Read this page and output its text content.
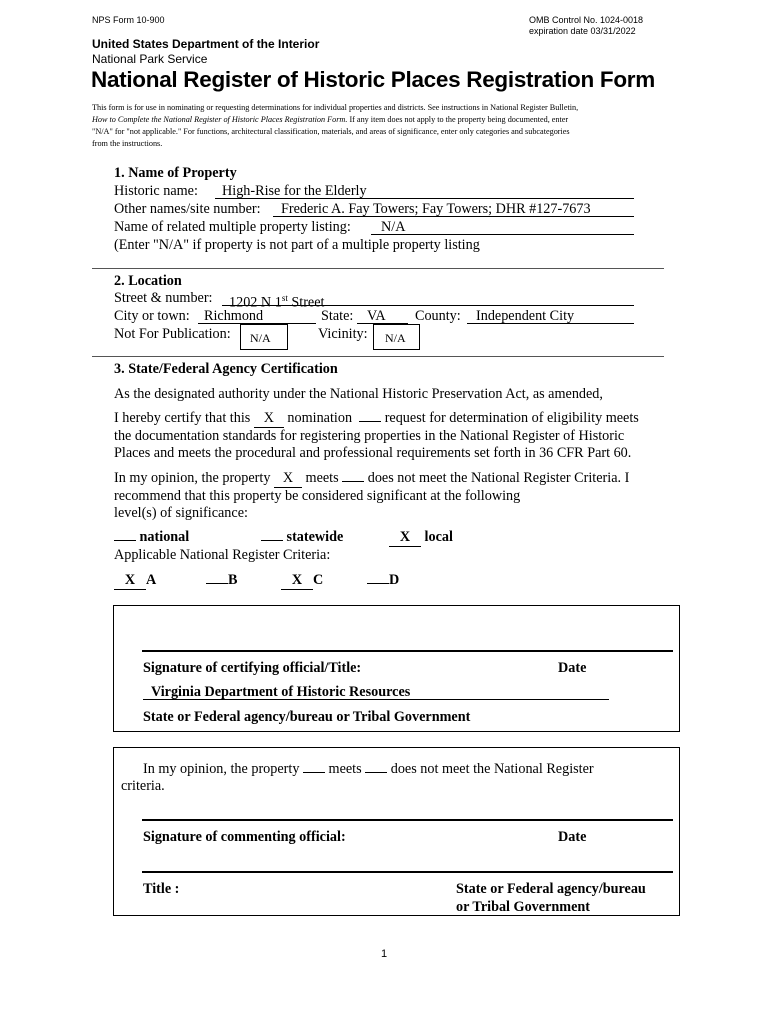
NPS Form 10-900	OMB Control No. 1024-0018
expiration date 03/31/2022
United States Department of the Interior
National Park Service
National Register of Historic Places Registration Form
This form is for use in nominating or requesting determinations for individual properties and districts. See instructions in National Register Bulletin,
How to Complete the National Register of Historic Places Registration Form. If any item does not apply to the property being documented, enter
"N/A" for "not applicable." For functions, architectural classification, materials, and areas of significance, enter only categories and subcategories
from the instructions.
1. Name of Property
Historic name: High-Rise for the Elderly
Other names/site number: Frederic A. Fay Towers; Fay Towers; DHR #127-7673
Name of related multiple property listing: N/A
(Enter "N/A" if property is not part of a multiple property listing
2. Location
Street & number: 1202 N 1st Street
City or town: Richmond	State: VA County: Independent City
Not For Publication:	N/A	Vicinity:	N/A
3. State/Federal Agency Certification
As the designated authority under the National Historic Preservation Act, as amended,
I hereby certify that this X nomination request for determination of eligibility meets
the documentation standards for registering properties in the National Register of Historic
Places and meets the procedural and professional requirements set forth in 36 CFR Part 60.
In my opinion, the property X meets does not meet the National Register Criteria. I
recommend that this property be considered significant at the following
level(s) of significance:
national	statewide	X local
Applicable National Register Criteria:
X A	B	X C	D
Signature of certifying official/Title:	Date
Virginia Department of Historic Resources
State or Federal agency/bureau or Tribal Government
In my opinion, the property meets does not meet the National Register
criteria.
Signature of commenting official:	Date
Title :	State or Federal agency/bureau
or Tribal Government
1
